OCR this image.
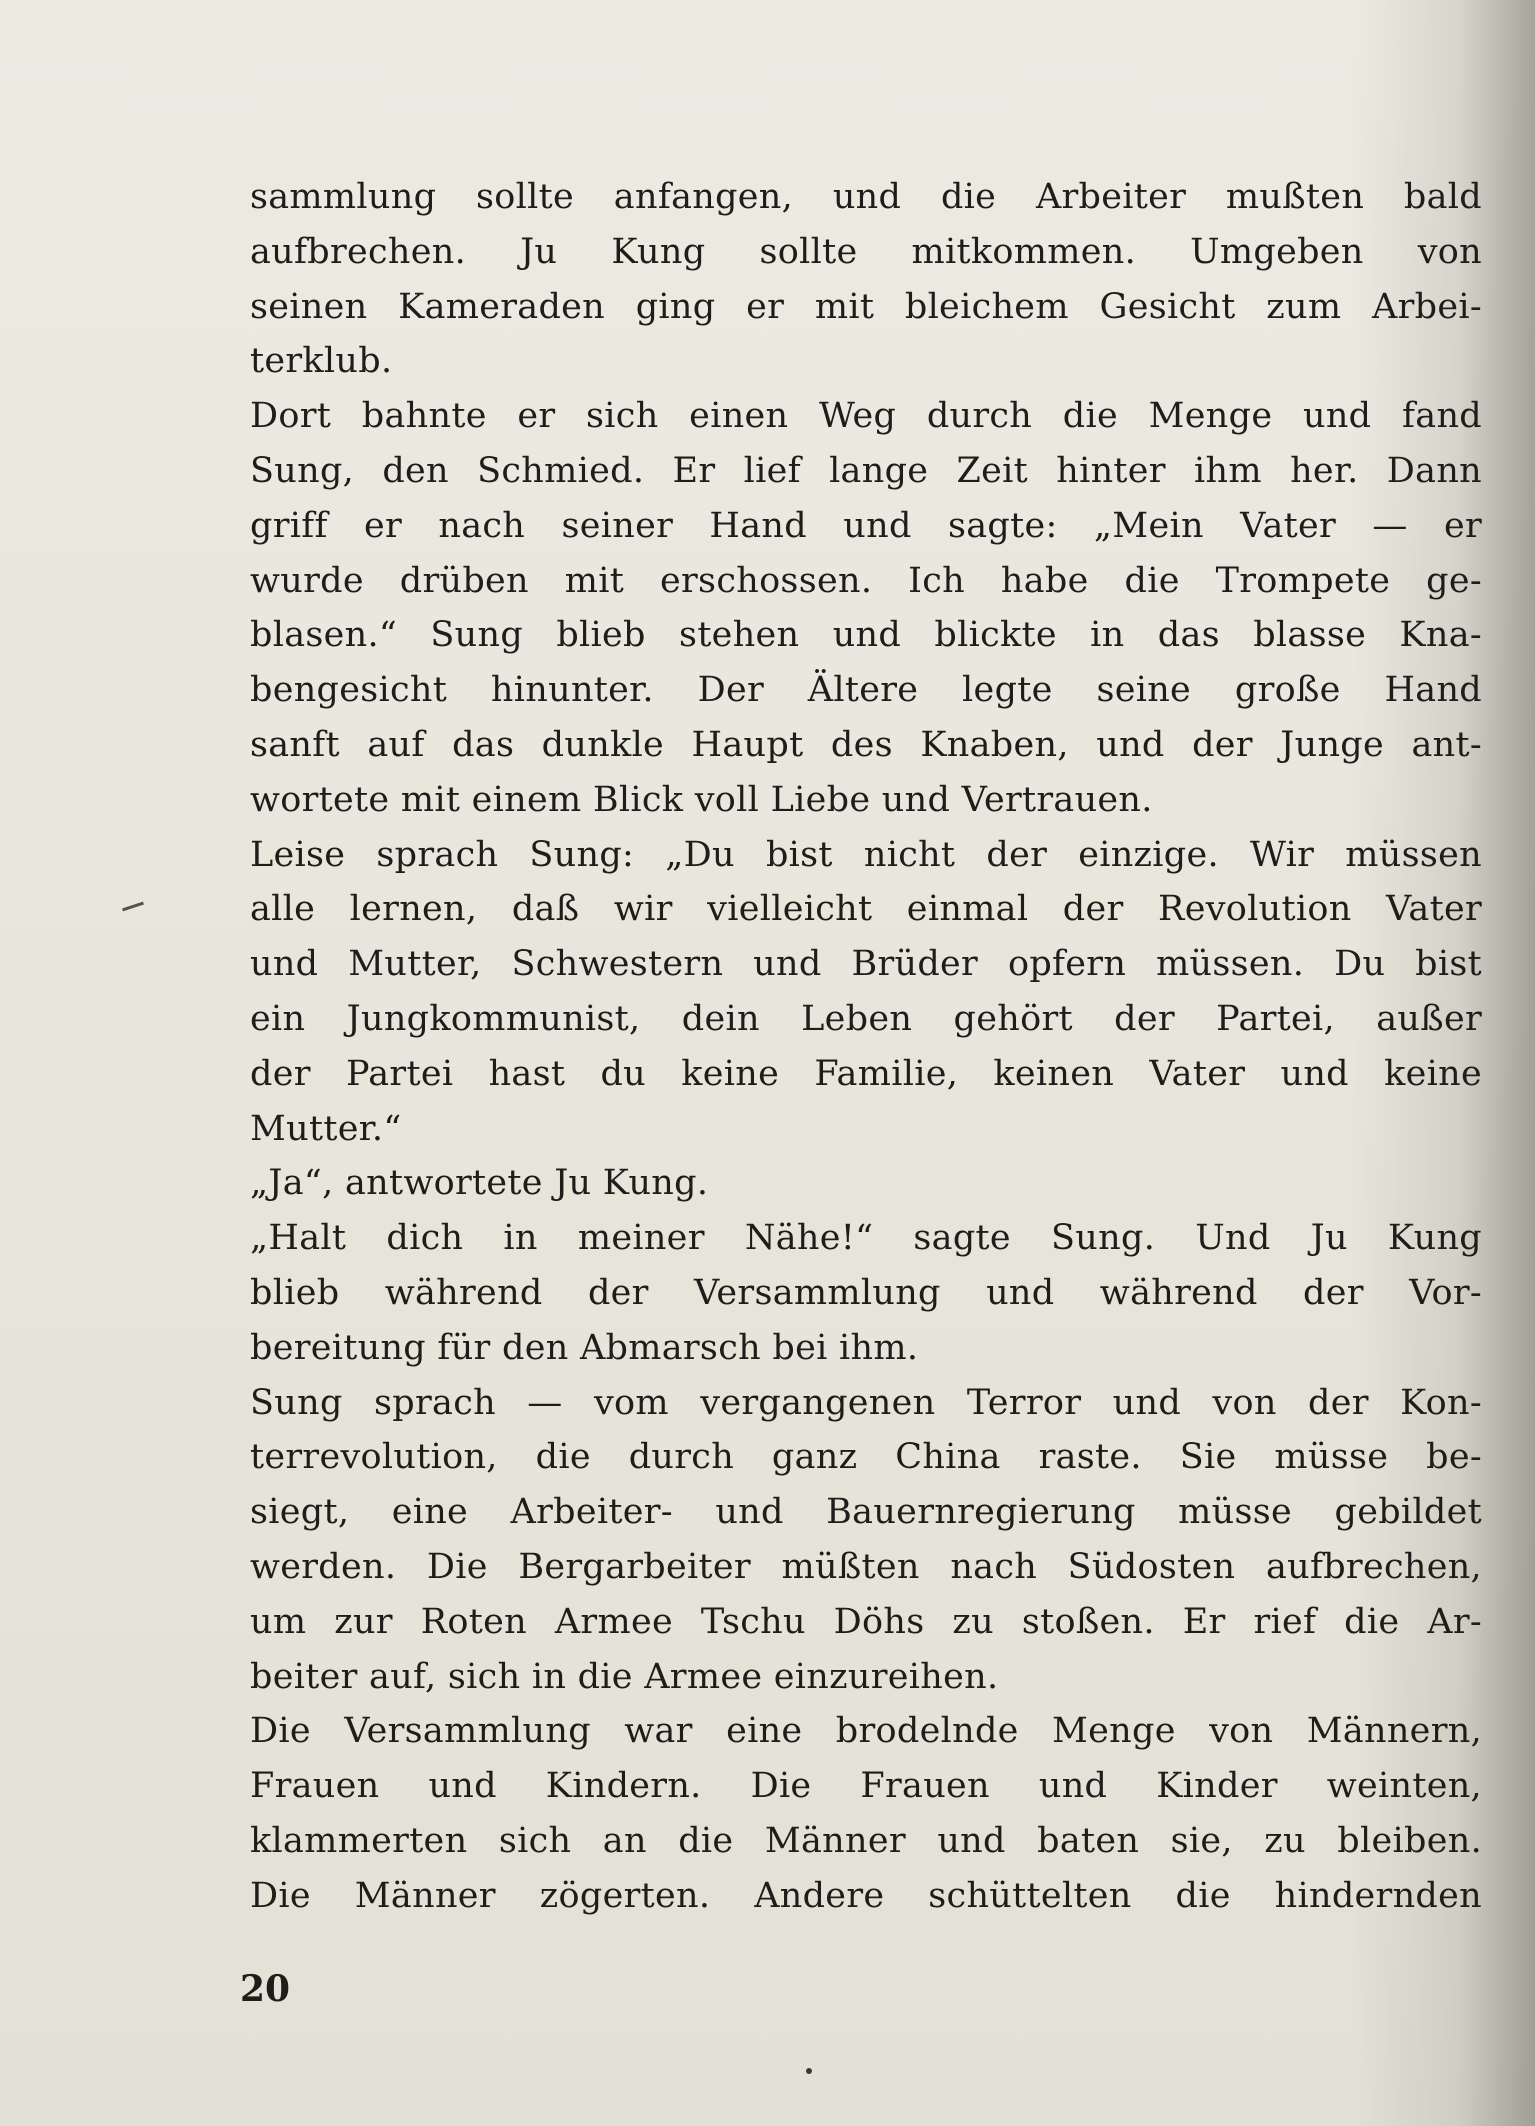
sammlung sollte anfangen, und die Arbeiter mußten bald
aufbrechen. Ju Kung sollte mitkommen. Umgeben von
seinen Kameraden ging er mit bleichem Gesicht zum Arbei-
terklub.
Dort bahnte er sich einen Weg durch die Menge und fand
Sung, den Schmied. Er lief lange Zeit hinter ihm her. Dann
griff er nach seiner Hand und sagte: „Mein Vater — er
wurde drüben mit erschossen. Ich habe die Trompete ge-
blasen.“ Sung blieb stehen und blickte in das blasse Kna-
bengesicht hinunter. Der Ältere legte seine große Hand
sanft auf das dunkle Haupt des Knaben, und der Junge ant-
wortete mit einem Blick voll Liebe und Vertrauen.
Leise sprach Sung: „Du bist nicht der einzige. Wir müssen
alle lernen, daß wir vielleicht einmal der Revolution Vater
und Mutter, Schwestern und Brüder opfern müssen. Du bist
ein Jungkommunist, dein Leben gehört der Partei, außer
der Partei hast du keine Familie, keinen Vater und keine
Mutter.“
„Ja“, antwortete Ju Kung.
„Halt dich in meiner Nähe!“ sagte Sung. Und Ju Kung
blieb während der Versammlung und während der Vor-
bereitung für den Abmarsch bei ihm.
Sung sprach — vom vergangenen Terror und von der Kon-
terrevolution, die durch ganz China raste. Sie müsse be-
siegt, eine Arbeiter- und Bauernregierung müsse gebildet
werden. Die Bergarbeiter müßten nach Südosten aufbrechen,
um zur Roten Armee Tschu Döhs zu stoßen. Er rief die Ar-
beiter auf, sich in die Armee einzureihen.
Die Versammlung war eine brodelnde Menge von Männern,
Frauen und Kindern. Die Frauen und Kinder weinten,
klammerten sich an die Männer und baten sie, zu bleiben.
Die Männer zögerten. Andere schüttelten die hindernden
20
